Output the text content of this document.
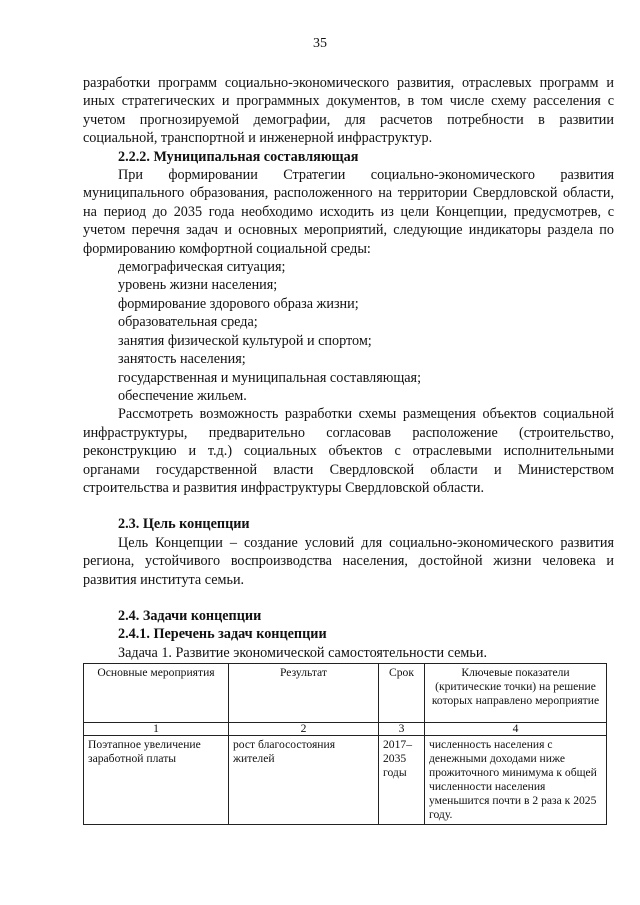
35

разработки программ социально-экономического развития, отраслевых программ и иных стратегических и программных документов, в том числе схему расселения с учетом прогнозируемой демографии, для расчетов потребности в развитии социальной, транспортной и инженерной инфраструктур.

2.2.2. Муниципальная составляющая

При формировании Стратегии социально-экономического развития муниципального образования, расположенного на территории Свердловской области, на период до 2035 года необходимо исходить из цели Концепции, предусмотрев, с учетом перечня задач и основных мероприятий, следующие индикаторы раздела по формированию комфортной социальной среды:

демографическая ситуация;

уровень жизни населения;

формирование здорового образа жизни;

образовательная среда;

занятия физической культурой и спортом;

занятость населения;

государственная и муниципальная составляющая;

обеспечение жильем.

Рассмотреть возможность разработки схемы размещения объектов социальной инфраструктуры, предварительно согласовав расположение (строительство, реконструкцию и т.д.) социальных объектов с отраслевыми исполнительными органами государственной власти Свердловской области и Министерством строительства и развития инфраструктуры Свердловской области.

2.3. Цель концепции

Цель Концепции – создание условий для социально-экономического развития региона, устойчивого воспроизводства населения, достойной жизни человека и развития института семьи.

2.4. Задачи концепции

2.4.1. Перечень задач концепции

Задача 1. Развитие экономической самостоятельности семьи.

Основные мероприятия	Результат	Срок	Ключевые показатели (критические точки) на решение которых направлено мероприятие
1	2	3	4
Поэтапное увеличение заработной платы	рост благосостояния жителей	2017–2035 годы	численность населения с денежными доходами ниже прожиточного минимума к общей численности населения уменьшится почти в 2 раза к 2025 году.
